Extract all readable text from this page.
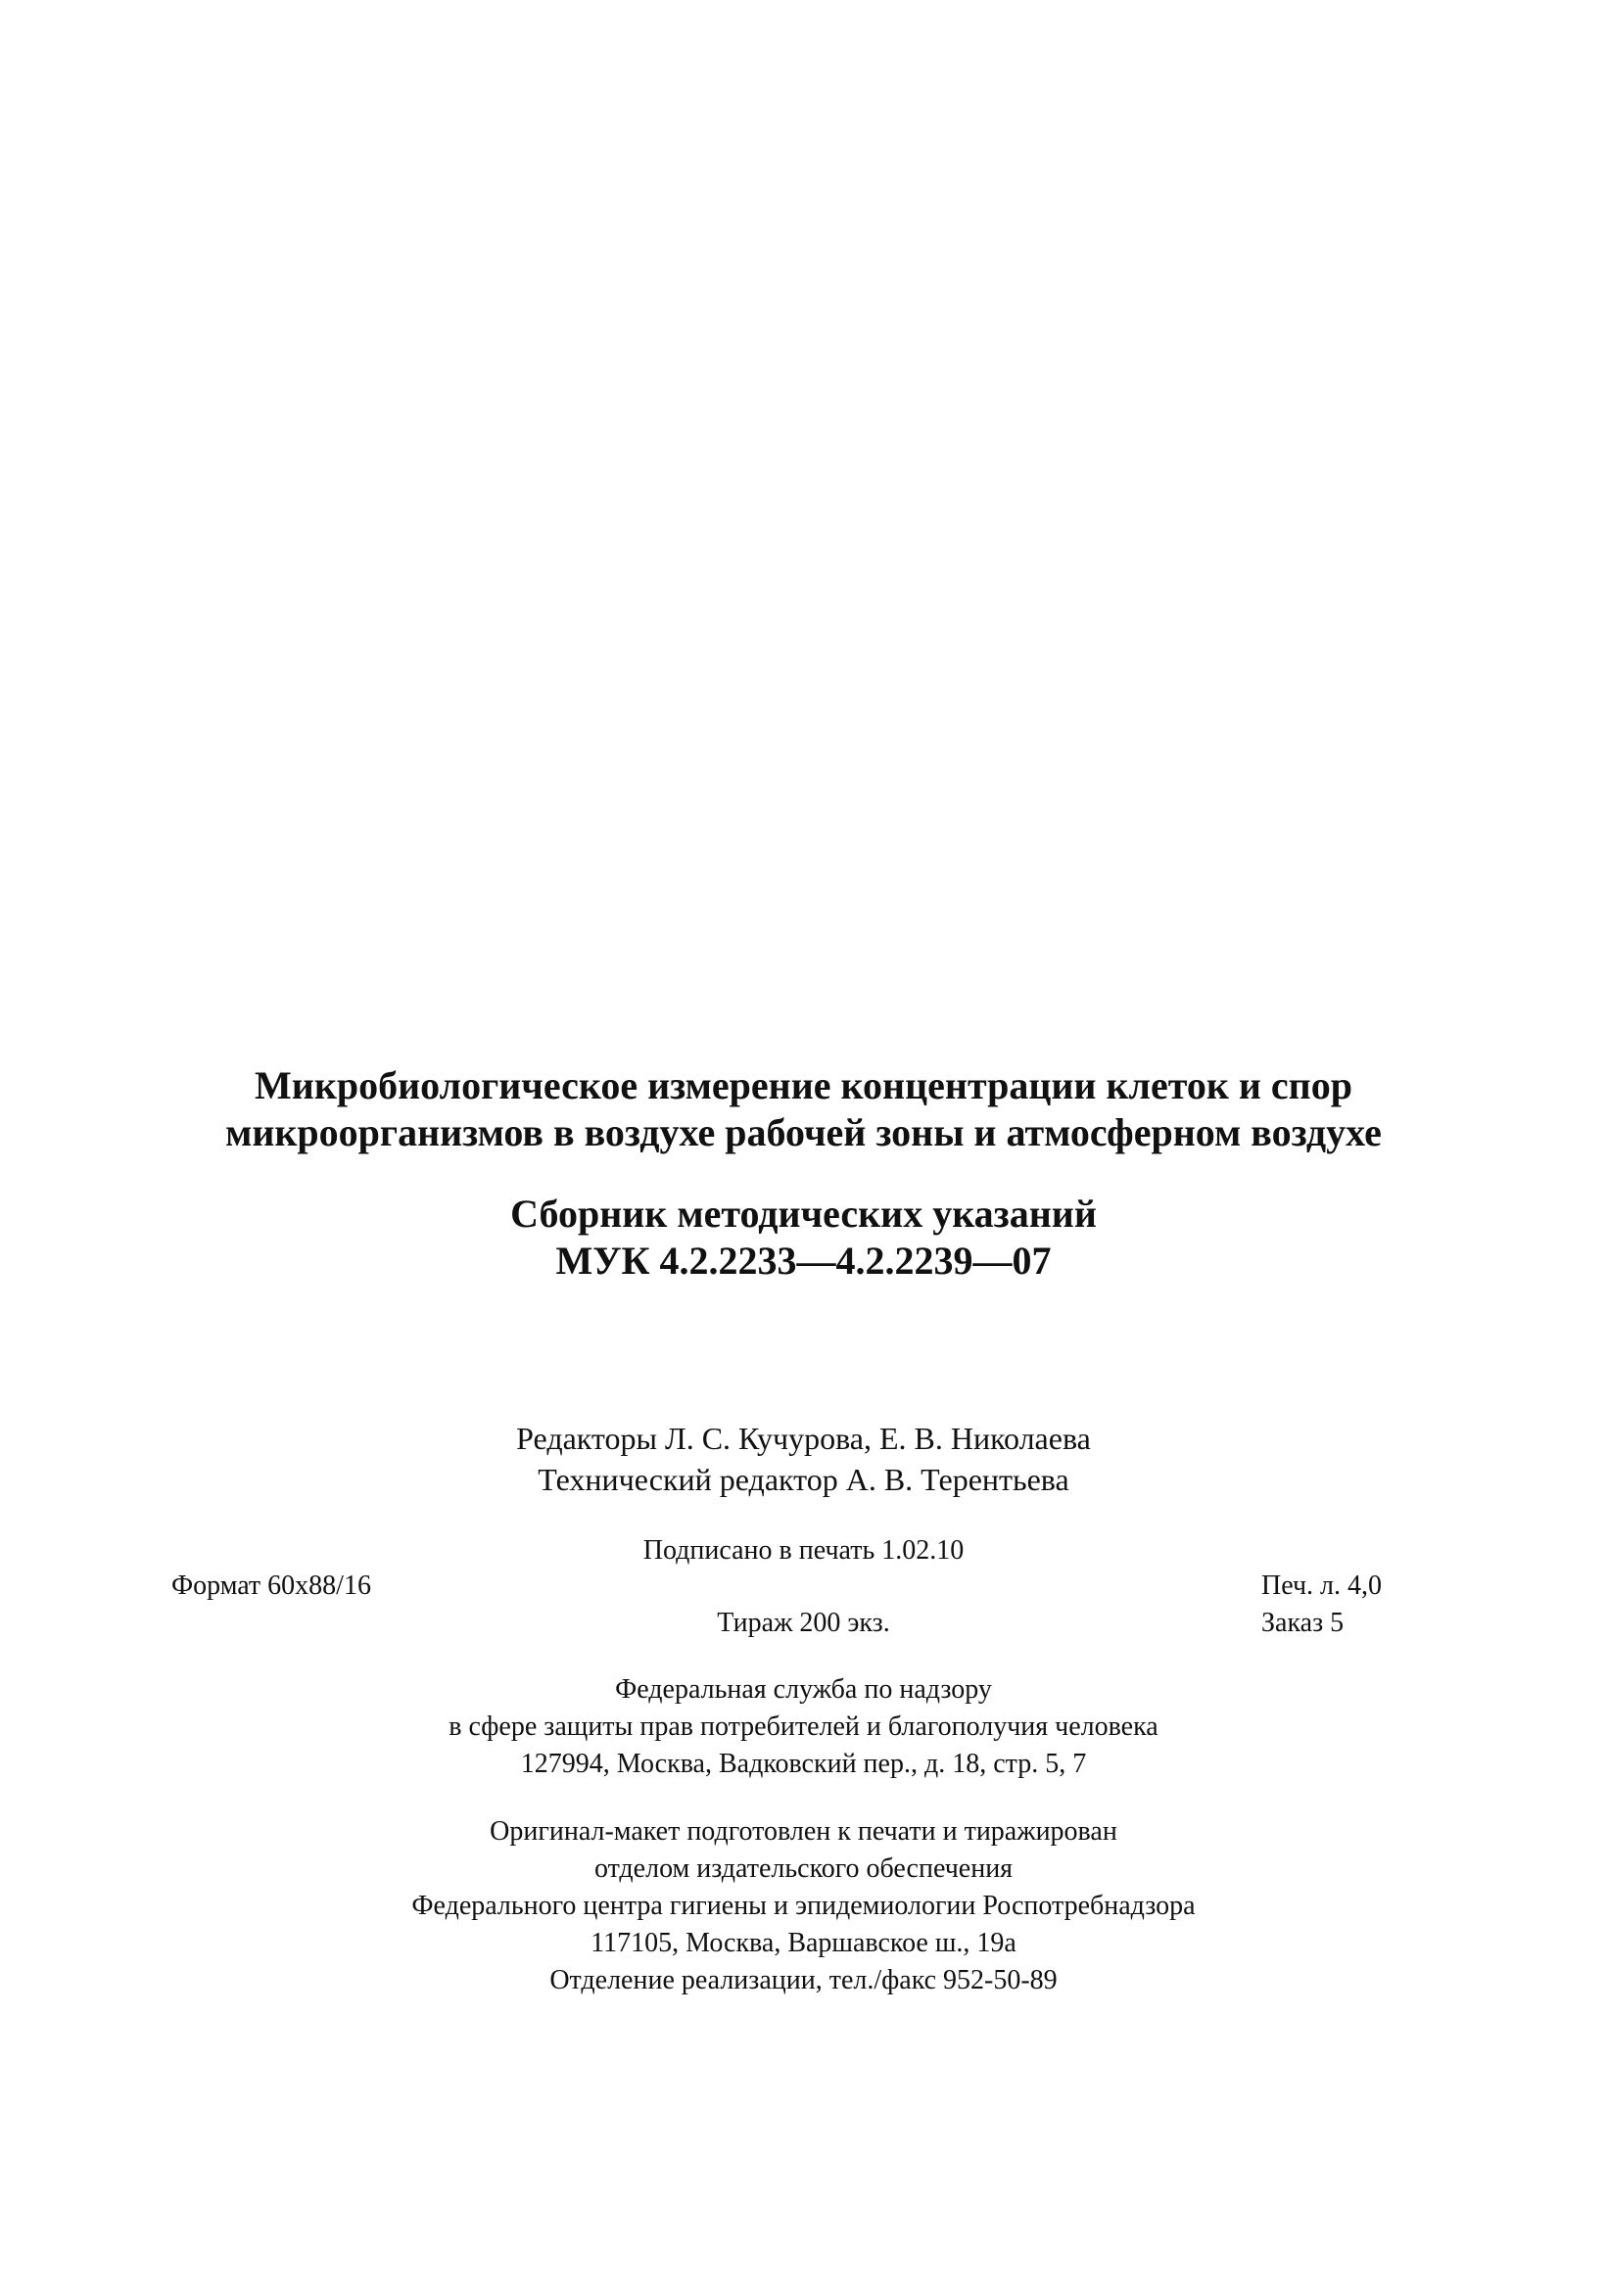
Микробиологическое измерение концентрации клеток и спор
микроорганизмов в воздухе рабочей зоны и атмосферном воздухе
Сборник методических указаний
МУК 4.2.2233—4.2.2239—07
Редакторы Л. С. Кучурова, Е. В. Николаева
Технический редактор А. В. Терентьева
Подписано в печать 1.02.10
Формат 60x88/16	Печ. л. 4,0
Тираж 200 экз.	Заказ 5
Федеральная служба по надзору
в сфере защиты прав потребителей и благополучия человека
127994, Москва, Вадковский пер., д. 18, стр. 5, 7
Оригинал-макет подготовлен к печати и тиражирован
отделом издательского обеспечения
Федерального центра гигиены и эпидемиологии Роспотребнадзора
117105, Москва, Варшавское ш., 19а
Отделение реализации, тел./факс 952-50-89
